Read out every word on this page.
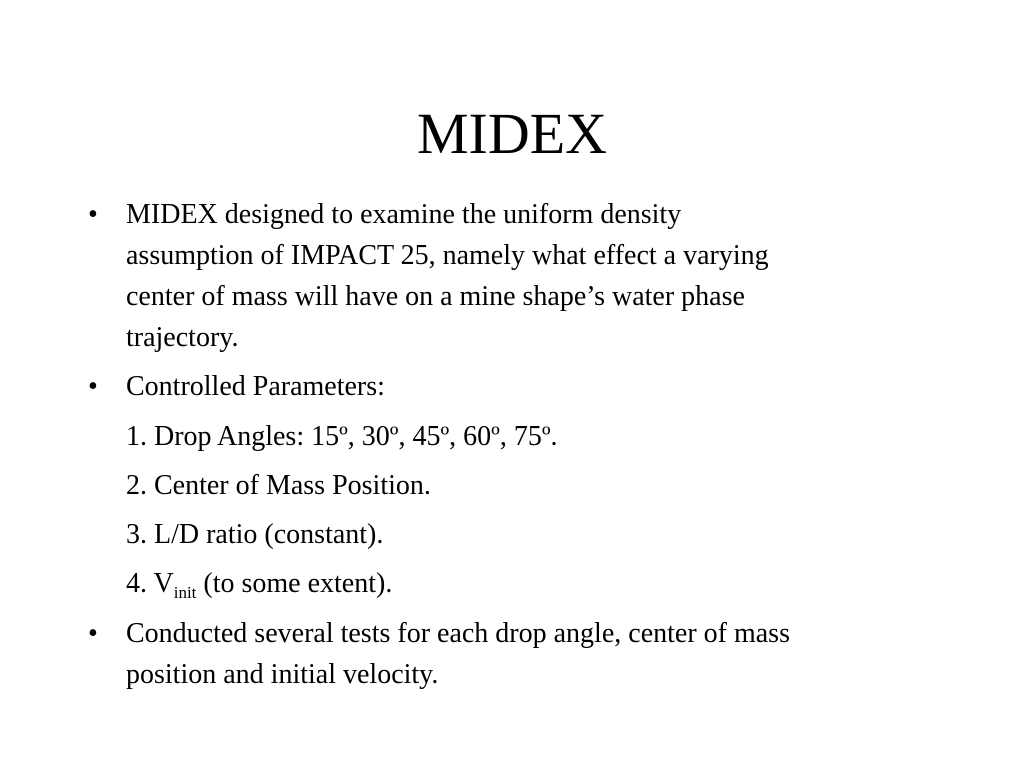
MIDEX
• MIDEX designed to examine the uniform density
assumption of IMPACT 25, namely what effect a varying
center of mass will have on a mine shape’s water phase
trajectory.
• Controlled Parameters:
1. Drop Angles: 15º, 30º, 45º, 60º, 75º.
2. Center of Mass Position.
3. L/D ratio (constant).
4. $V_{init}$ (to some extent).
• Conducted several tests for each drop angle, center of mass
position and initial velocity.
